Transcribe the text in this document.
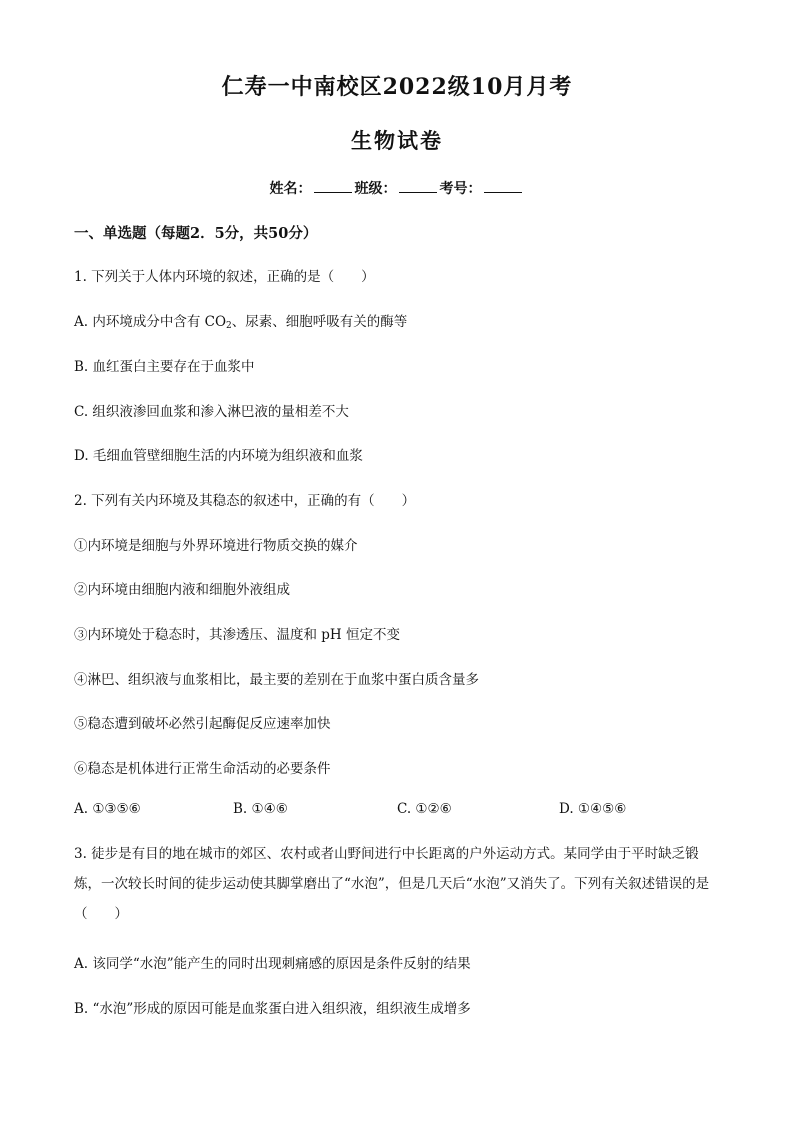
仁寿一中南校区2022级10月月考
生物试卷
姓名：	班级：	考号：
一、单选题（每题2．5分，共50分）
1. 下列关于人体内环境的叙述，正确的是（　　）
A. 内环境成分中含有 $CO_2$、尿素、细胞呼吸有关的酶等
B. 血红蛋白主要存在于血浆中
C. 组织液渗回血浆和渗入淋巴液的量相差不大
D. 毛细血管壁细胞生活的内环境为组织液和血浆
2. 下列有关内环境及其稳态的叙述中，正确的有（　　）
①内环境是细胞与外界环境进行物质交换的媒介
②内环境由细胞内液和细胞外液组成
③内环境处于稳态时，其渗透压、温度和 pH 恒定不变
④淋巴、组织液与血浆相比，最主要的差别在于血浆中蛋白质含量多
⑤稳态遭到破坏必然引起酶促反应速率加快
⑥稳态是机体进行正常生命活动的必要条件
A. ①③⑤⑥	B. ①④⑥	C. ①②⑥	D. ①④⑤⑥
3. 徒步是有目的地在城市的郊区、农村或者山野间进行中长距离的户外运动方式。某同学由于平时缺乏锻炼，一次较长时间的徒步运动使其脚掌磨出了“水泡”，但是几天后“水泡”又消失了。下列有关叙述错误的是（　　）
A. 该同学“水泡”能产生的同时出现刺痛感的原因是条件反射的结果
B. “水泡”形成的原因可能是血浆蛋白进入组织液，组织液生成增多
